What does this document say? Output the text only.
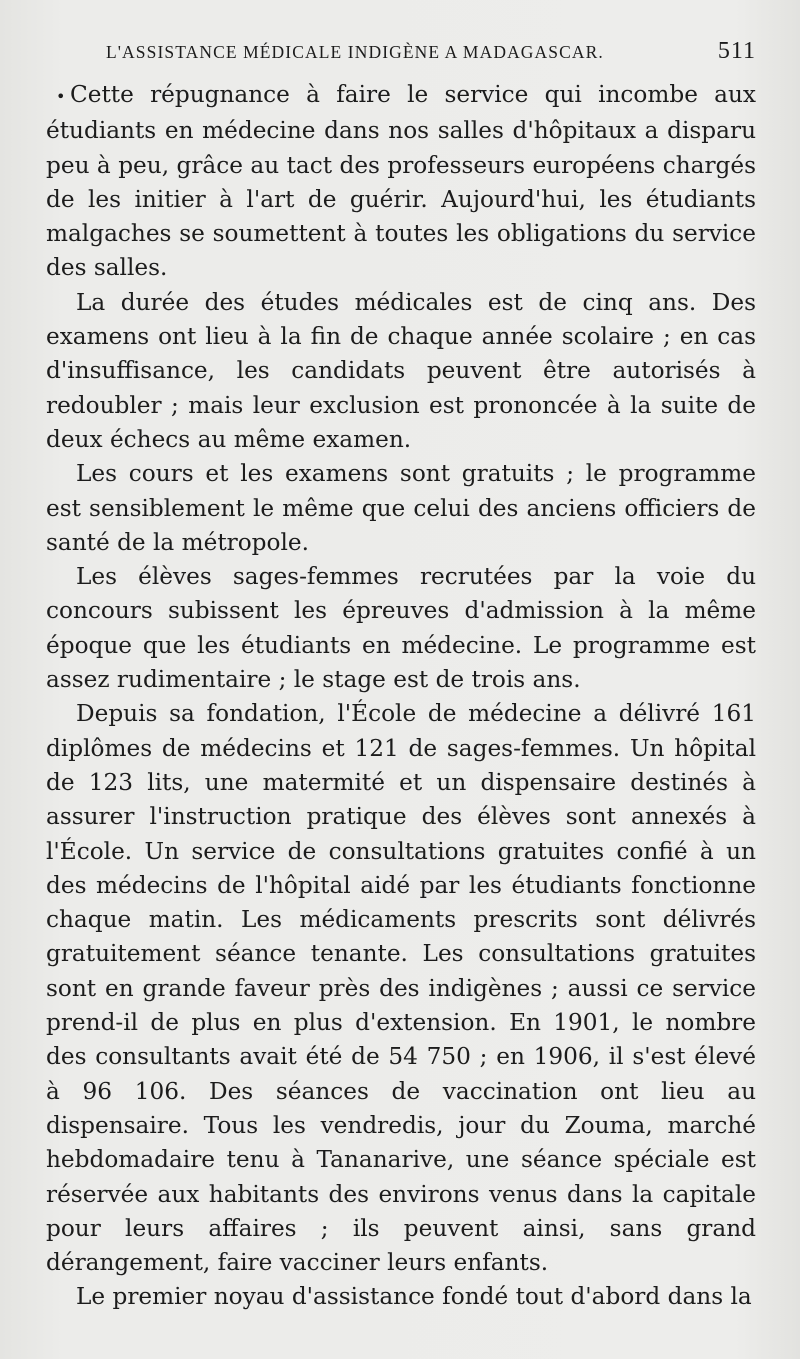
L'ASSISTANCE MÉDICALE INDIGÈNE A MADAGASCAR.	511

• Cette répugnance à faire le service qui incombe aux étudiants en médecine dans nos salles d'hôpitaux a disparu peu à peu, grâce au tact des professeurs européens chargés de les initier à l'art de guérir. Aujourd'hui, les étudiants malgaches se soumettent à toutes les obligations du service des salles.

La durée des études médicales est de cinq ans. Des examens ont lieu à la fin de chaque année scolaire ; en cas d'insuffisance, les candidats peuvent être autorisés à redoubler ; mais leur exclusion est prononcée à la suite de deux échecs au même examen.

Les cours et les examens sont gratuits ; le programme est sensiblement le même que celui des anciens officiers de santé de la métropole.

Les élèves sages-femmes recrutées par la voie du concours subissent les épreuves d'admission à la même époque que les étudiants en médecine. Le programme est assez rudimentaire ; le stage est de trois ans.

Depuis sa fondation, l'École de médecine a délivré 161 diplômes de médecins et 121 de sages-femmes. Un hôpital de 123 lits, une matermité et un dispensaire destinés à assurer l'instruction pratique des élèves sont annexés à l'École. Un service de consultations gratuites confié à un des médecins de l'hôpital aidé par les étudiants fonctionne chaque matin. Les médicaments prescrits sont délivrés gratuitement séance tenante. Les consultations gratuites sont en grande faveur près des indigènes ; aussi ce service prend-il de plus en plus d'extension. En 1901, le nombre des consultants avait été de 54 750 ; en 1906, il s'est élevé à 96 106. Des séances de vaccination ont lieu au dispensaire. Tous les vendredis, jour du Zouma, marché hebdomadaire tenu à Tananarive, une séance spéciale est réservée aux habitants des environs venus dans la capitale pour leurs affaires ; ils peuvent ainsi, sans grand dérangement, faire vacciner leurs enfants.

Le premier noyau d'assistance fondé tout d'abord dans la
